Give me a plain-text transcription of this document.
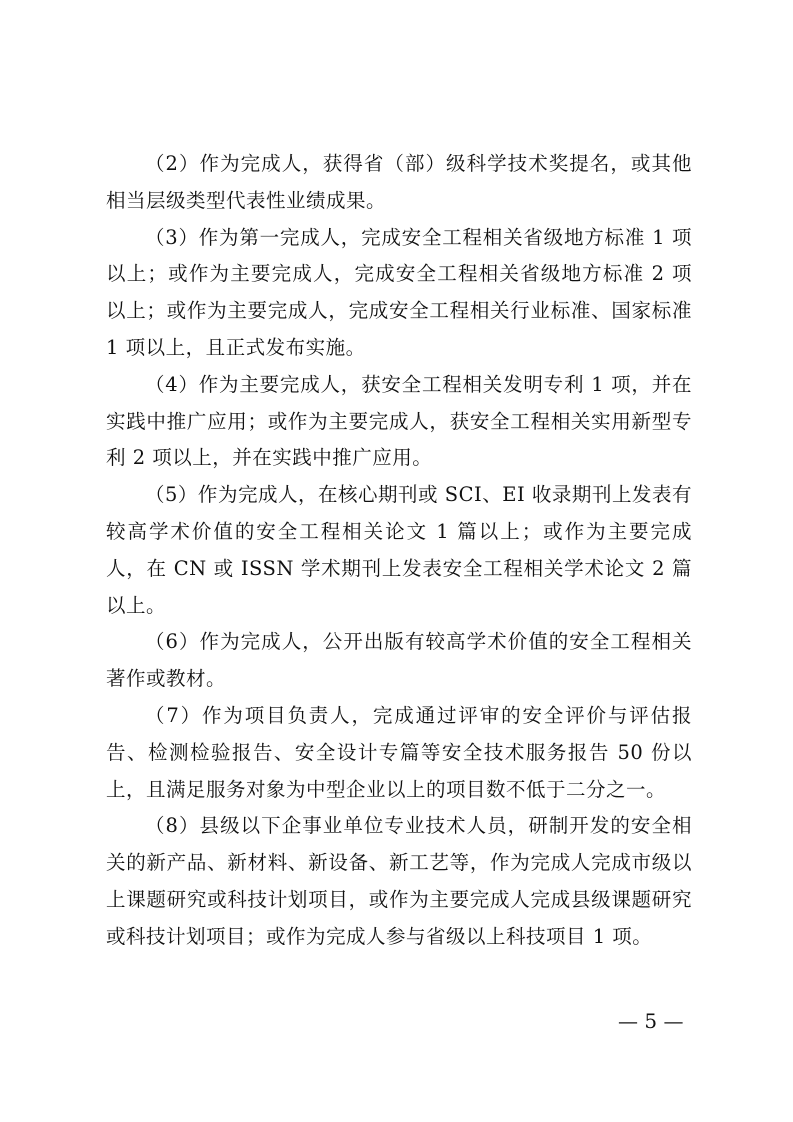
（2）作为完成人，获得省（部）级科学技术奖提名，或其他相当层级类型代表性业绩成果。

（3）作为第一完成人，完成安全工程相关省级地方标准 1 项以上；或作为主要完成人，完成安全工程相关省级地方标准 2 项以上；或作为主要完成人，完成安全工程相关行业标准、国家标准 1 项以上，且正式发布实施。

（4）作为主要完成人，获安全工程相关发明专利 1 项，并在实践中推广应用；或作为主要完成人，获安全工程相关实用新型专利 2 项以上，并在实践中推广应用。

（5）作为完成人，在核心期刊或 SCI、EI 收录期刊上发表有较高学术价值的安全工程相关论文 1 篇以上；或作为主要完成人，在 CN 或 ISSN 学术期刊上发表安全工程相关学术论文 2 篇以上。

（6）作为完成人，公开出版有较高学术价值的安全工程相关著作或教材。

（7）作为项目负责人，完成通过评审的安全评价与评估报告、检测检验报告、安全设计专篇等安全技术服务报告 50 份以上，且满足服务对象为中型企业以上的项目数不低于二分之一。

（8）县级以下企事业单位专业技术人员，研制开发的安全相关的新产品、新材料、新设备、新工艺等，作为完成人完成市级以上课题研究或科技计划项目，或作为主要完成人完成县级课题研究或科技计划项目；或作为完成人参与省级以上科技项目 1 项。

— 5 —
